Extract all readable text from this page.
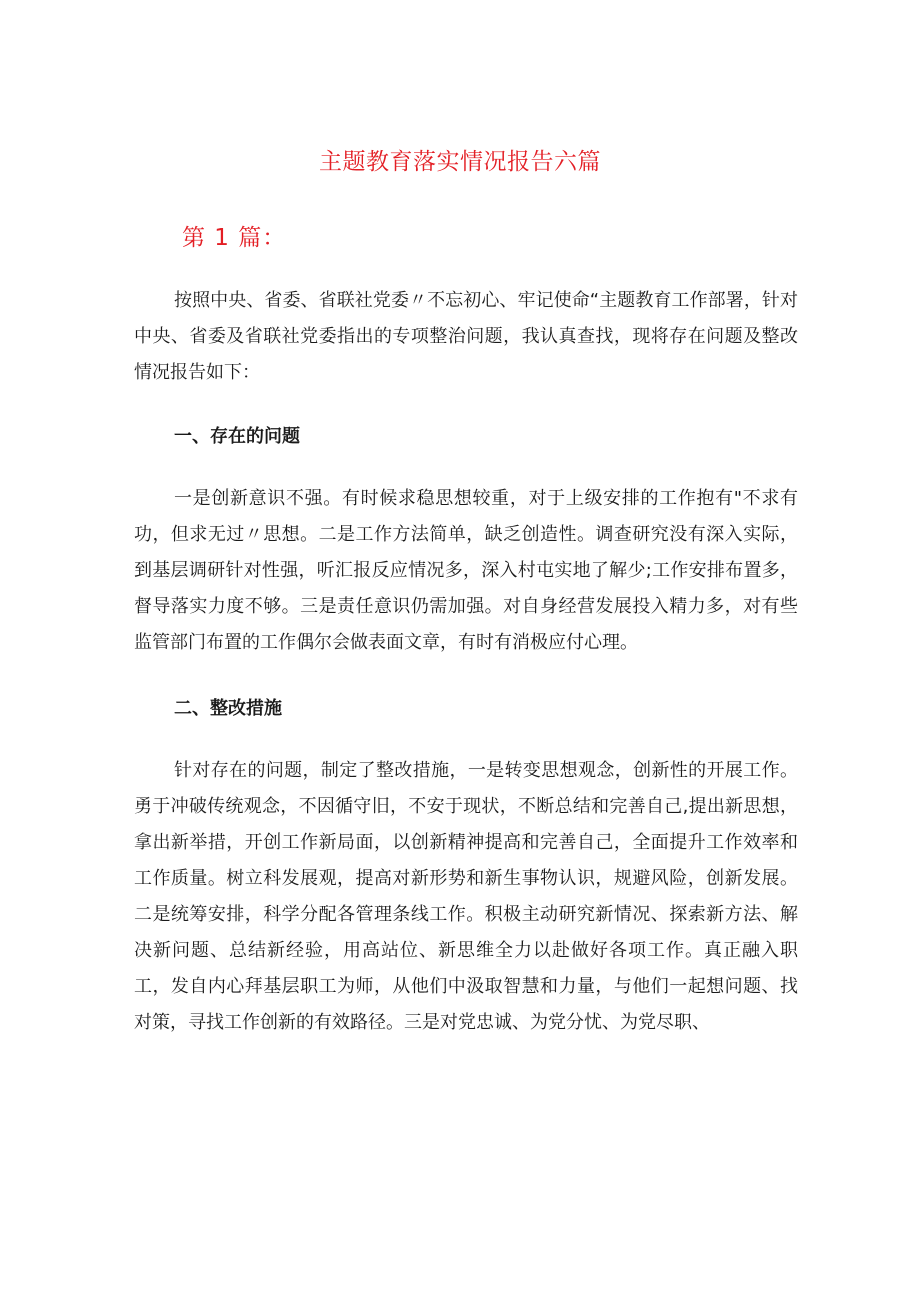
主题教育落实情况报告六篇
第 1 篇：

按照中央、省委、省联社党委〃不忘初心、牢记使命“主题教育工作部署，针对中央、省委及省联社党委指出的专项整治问题，我认真查找，现将存在问题及整改情况报告如下：

一、存在的问题

一是创新意识不强。有时候求稳思想较重，对于上级安排的工作抱有"不求有功，但求无过〃思想。二是工作方法简单，缺乏创造性。调查研究没有深入实际，到基层调研针对性强，听汇报反应情况多，深入村屯实地了解少;工作安排布置多，督导落实力度不够。三是责任意识仍需加强。对自身经营发展投入精力多，对有些监管部门布置的工作偶尔会做表面文章，有时有消极应付心理。

二、整改措施

针对存在的问题，制定了整改措施，一是转变思想观念，创新性的开展工作。勇于冲破传统观念，不因循守旧，不安于现状，不断总结和完善自己,提出新思想，拿出新举措，开创工作新局面，以创新精神提高和完善自己，全面提升工作效率和工作质量。树立科发展观，提高对新形势和新生事物认识，规避风险，创新发展。二是统筹安排，科学分配各管理条线工作。积极主动研究新情况、探索新方法、解决新问题、总结新经验，用高站位、新思维全力以赴做好各项工作。真正融入职工，发自内心拜基层职工为师，从他们中汲取智慧和力量，与他们一起想问题、找对策，寻找工作创新的有效路径。三是对党忠诚、为党分忧、为党尽职、
